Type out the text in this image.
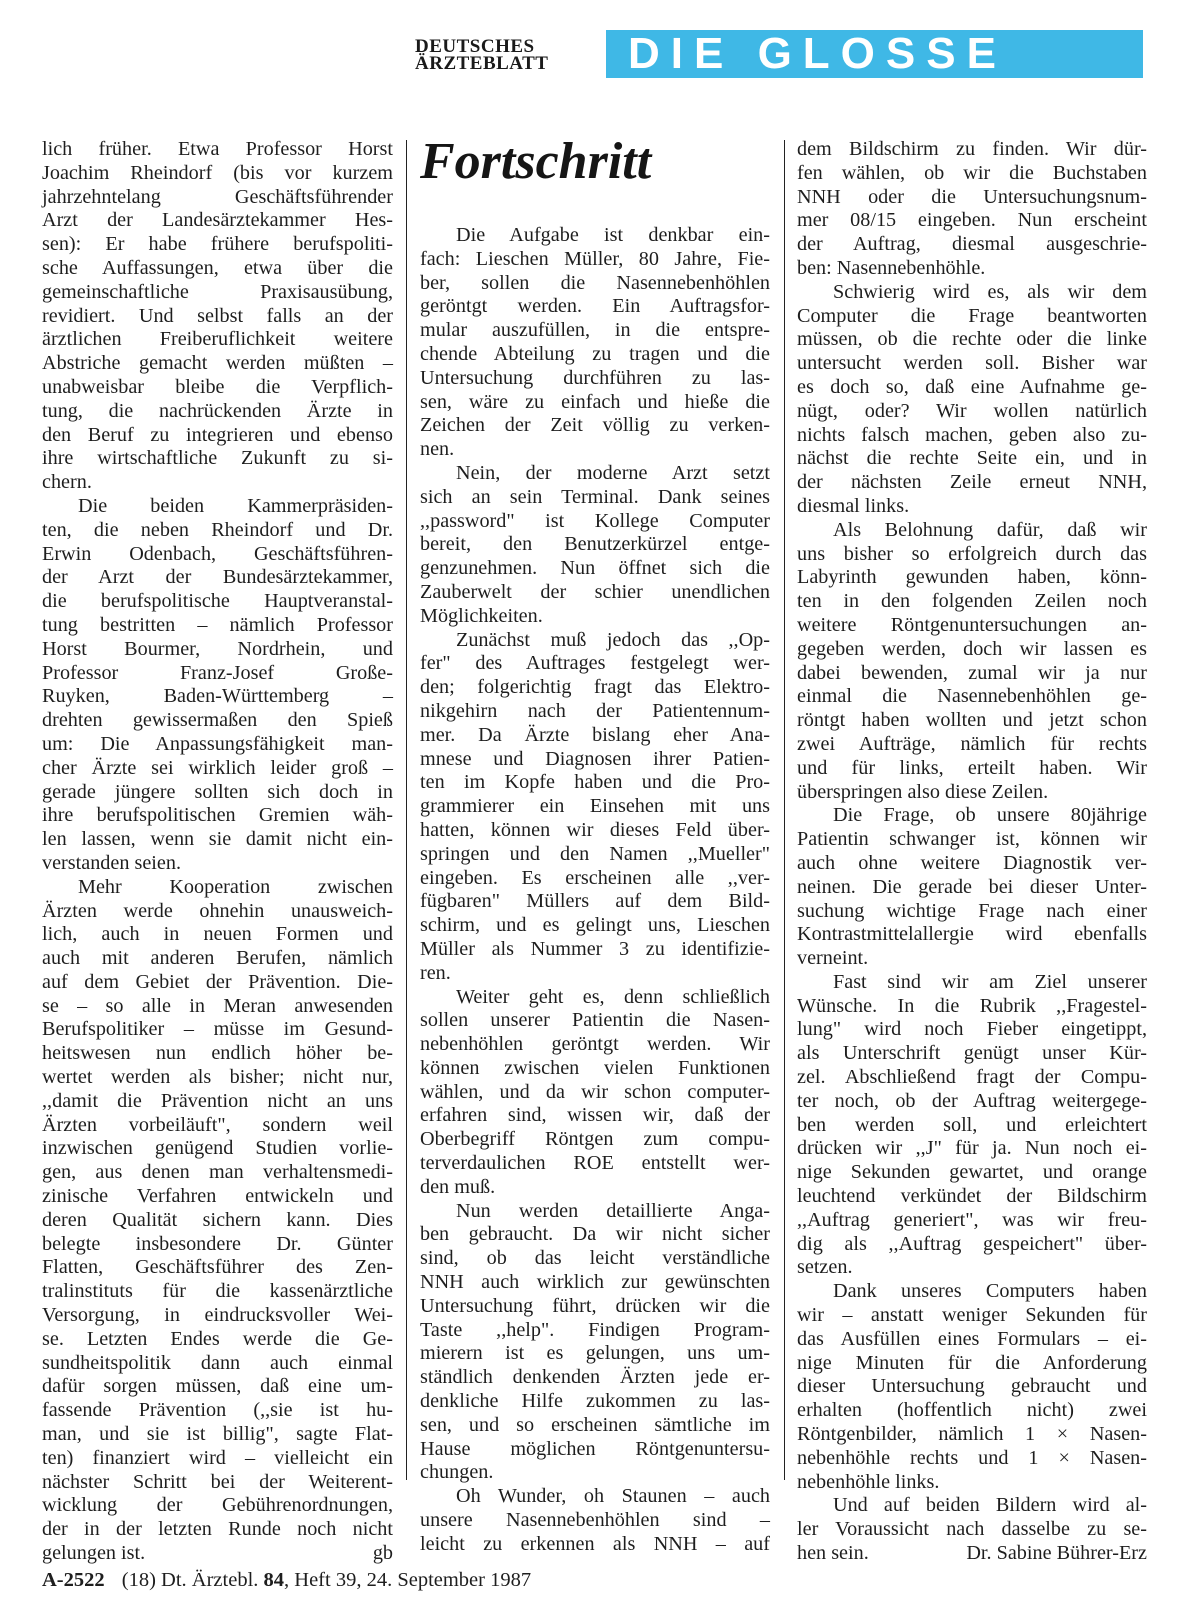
DEUTSCHES
ÄRZTEBLATT	DIE GLOSSE
lich früher. Etwa Professor Horst
Joachim Rheindorf (bis vor kurzem
jahrzehntelang Geschäftsführender
Arzt der Landesärztekammer Hes-
sen): Er habe frühere berufspoliti-
sche Auffassungen, etwa über die
gemeinschaftliche Praxisausübung,
revidiert. Und selbst falls an der
ärztlichen Freiberuflichkeit weitere
Abstriche gemacht werden müßten –
unabweisbar bleibe die Verpflich-
tung, die nachrückenden Ärzte in
den Beruf zu integrieren und ebenso
ihre wirtschaftliche Zukunft zu si-
chern.
Die beiden Kammerpräsiden-
ten, die neben Rheindorf und Dr.
Erwin Odenbach, Geschäftsführen-
der Arzt der Bundesärztekammer,
die berufspolitische Hauptveranstal-
tung bestritten – nämlich Professor
Horst Bourmer, Nordrhein, und
Professor Franz-Josef Große-
Ruyken, Baden-Württemberg –
drehten gewissermaßen den Spieß
um: Die Anpassungsfähigkeit man-
cher Ärzte sei wirklich leider groß –
gerade jüngere sollten sich doch in
ihre berufspolitischen Gremien wäh-
len lassen, wenn sie damit nicht ein-
verstanden seien.
Mehr Kooperation zwischen
Ärzten werde ohnehin unausweich-
lich, auch in neuen Formen und
auch mit anderen Berufen, nämlich
auf dem Gebiet der Prävention. Die-
se – so alle in Meran anwesenden
Berufspolitiker – müsse im Gesund-
heitswesen nun endlich höher be-
wertet werden als bisher; nicht nur,
,,damit die Prävention nicht an uns
Ärzten vorbeiläuft", sondern weil
inzwischen genügend Studien vorlie-
gen, aus denen man verhaltensmedi-
zinische Verfahren entwickeln und
deren Qualität sichern kann. Dies
belegte insbesondere Dr. Günter
Flatten, Geschäftsführer des Zen-
tralinstituts für die kassenärztliche
Versorgung, in eindrucksvoller Wei-
se. Letzten Endes werde die Ge-
sundheitspolitik dann auch einmal
dafür sorgen müssen, daß eine um-
fassende Prävention (,,sie ist hu-
man, und sie ist billig", sagte Flat-
ten) finanziert wird – vielleicht ein
nächster Schritt bei der Weiterent-
wicklung der Gebührenordnungen,
der in der letzten Runde noch nicht
gelungen ist.	gb
Fortschritt
Die Aufgabe ist denkbar ein-
fach: Lieschen Müller, 80 Jahre, Fie-
ber, sollen die Nasennebenhöhlen
geröntgt werden. Ein Auftragsfor-
mular auszufüllen, in die entspre-
chende Abteilung zu tragen und die
Untersuchung durchführen zu las-
sen, wäre zu einfach und hieße die
Zeichen der Zeit völlig zu verken-
nen.
Nein, der moderne Arzt setzt
sich an sein Terminal. Dank seines
,,password" ist Kollege Computer
bereit, den Benutzerkürzel entge-
genzunehmen. Nun öffnet sich die
Zauberwelt der schier unendlichen
Möglichkeiten.
Zunächst muß jedoch das ,,Op-
fer" des Auftrages festgelegt wer-
den; folgerichtig fragt das Elektro-
nikgehirn nach der Patientennum-
mer. Da Ärzte bislang eher Ana-
mnese und Diagnosen ihrer Patien-
ten im Kopfe haben und die Pro-
grammierer ein Einsehen mit uns
hatten, können wir dieses Feld über-
springen und den Namen ,,Mueller"
eingeben. Es erscheinen alle ,,ver-
fügbaren" Müllers auf dem Bild-
schirm, und es gelingt uns, Lieschen
Müller als Nummer 3 zu identifizie-
ren.
Weiter geht es, denn schließlich
sollen unserer Patientin die Nasen-
nebenhöhlen geröntgt werden. Wir
können zwischen vielen Funktionen
wählen, und da wir schon computer-
erfahren sind, wissen wir, daß der
Oberbegriff Röntgen zum compu-
terverdaulichen ROE entstellt wer-
den muß.
Nun werden detaillierte Anga-
ben gebraucht. Da wir nicht sicher
sind, ob das leicht verständliche
NNH auch wirklich zur gewünschten
Untersuchung führt, drücken wir die
Taste ,,help". Findigen Program-
mierern ist es gelungen, uns um-
ständlich denkenden Ärzten jede er-
denkliche Hilfe zukommen zu las-
sen, und so erscheinen sämtliche im
Hause möglichen Röntgenuntersu-
chungen.
Oh Wunder, oh Staunen – auch
unsere Nasennebenhöhlen sind –
leicht zu erkennen als NNH – auf
dem Bildschirm zu finden. Wir dür-
fen wählen, ob wir die Buchstaben
NNH oder die Untersuchungsnum-
mer 08/15 eingeben. Nun erscheint
der Auftrag, diesmal ausgeschrie-
ben: Nasennebenhöhle.
Schwierig wird es, als wir dem
Computer die Frage beantworten
müssen, ob die rechte oder die linke
untersucht werden soll. Bisher war
es doch so, daß eine Aufnahme ge-
nügt, oder? Wir wollen natürlich
nichts falsch machen, geben also zu-
nächst die rechte Seite ein, und in
der nächsten Zeile erneut NNH,
diesmal links.
Als Belohnung dafür, daß wir
uns bisher so erfolgreich durch das
Labyrinth gewunden haben, könn-
ten in den folgenden Zeilen noch
weitere Röntgenuntersuchungen an-
gegeben werden, doch wir lassen es
dabei bewenden, zumal wir ja nur
einmal die Nasennebenhöhlen ge-
röntgt haben wollten und jetzt schon
zwei Aufträge, nämlich für rechts
und für links, erteilt haben. Wir
überspringen also diese Zeilen.
Die Frage, ob unsere 80jährige
Patientin schwanger ist, können wir
auch ohne weitere Diagnostik ver-
neinen. Die gerade bei dieser Unter-
suchung wichtige Frage nach einer
Kontrastmittelallergie wird ebenfalls
verneint.
Fast sind wir am Ziel unserer
Wünsche. In die Rubrik ,,Fragestel-
lung" wird noch Fieber eingetippt,
als Unterschrift genügt unser Kür-
zel. Abschließend fragt der Compu-
ter noch, ob der Auftrag weitergege-
ben werden soll, und erleichtert
drücken wir ,,J" für ja. Nun noch ei-
nige Sekunden gewartet, und orange
leuchtend verkündet der Bildschirm
,,Auftrag generiert", was wir freu-
dig als ,,Auftrag gespeichert" über-
setzen.
Dank unseres Computers haben
wir – anstatt weniger Sekunden für
das Ausfüllen eines Formulars – ei-
nige Minuten für die Anforderung
dieser Untersuchung gebraucht und
erhalten (hoffentlich nicht) zwei
Röntgenbilder, nämlich 1 × Nasen-
nebenhöhle rechts und 1 × Nasen-
nebenhöhle links.
Und auf beiden Bildern wird al-
ler Voraussicht nach dasselbe zu se-
hen sein.	Dr. Sabine Bührer-Erz
A-2522 (18) Dt. Ärztebl. 84, Heft 39, 24. September 1987
